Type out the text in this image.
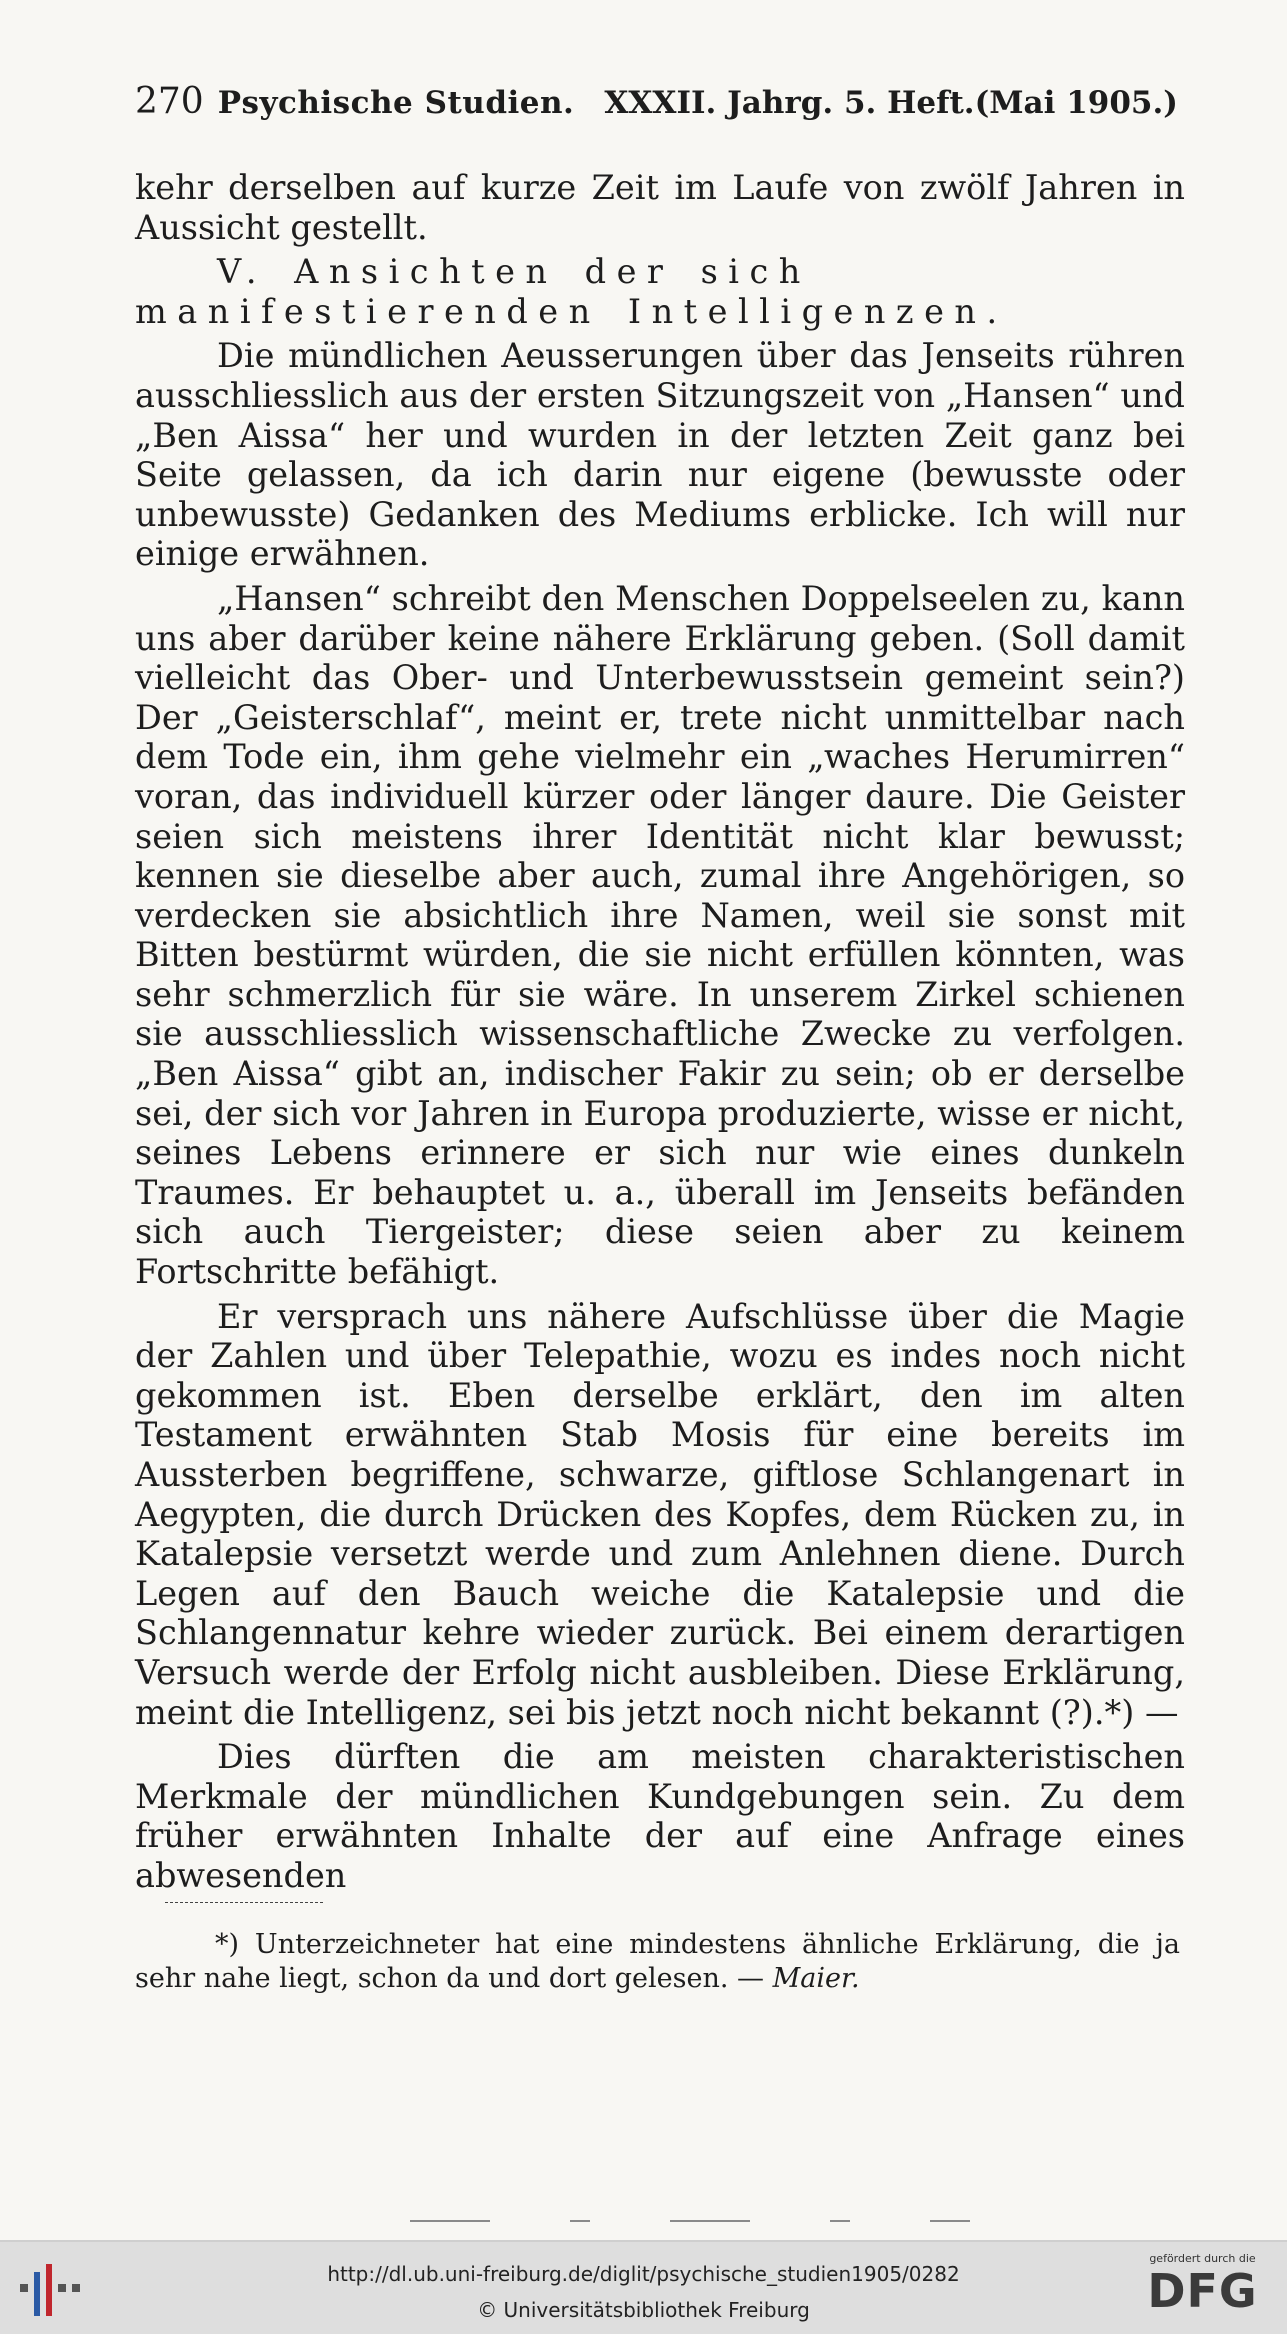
270 Psychische Studien. XXXII. Jahrg. 5. Heft. (Mai 1905.)

kehr derselben auf kurze Zeit im Laufe von zwölf Jahren in Aussicht gestellt.

V. Ansichten der sich manifestierenden Intelligenzen.

Die mündlichen Aeusserungen über das Jenseits rühren ausschliesslich aus der ersten Sitzungszeit von „Hansen“ und „Ben Aissa“ her und wurden in der letzten Zeit ganz bei Seite gelassen, da ich darin nur eigene (bewusste oder unbewusste) Gedanken des Mediums erblicke. Ich will nur einige erwähnen.

„Hansen“ schreibt den Menschen Doppelseelen zu, kann uns aber darüber keine nähere Erklärung geben. (Soll damit vielleicht das Ober- und Unterbewusstsein gemeint sein?) Der „Geisterschlaf“, meint er, trete nicht unmittelbar nach dem Tode ein, ihm gehe vielmehr ein „waches Herumirren“ voran, das individuell kürzer oder länger daure. Die Geister seien sich meistens ihrer Identität nicht klar bewusst; kennen sie dieselbe aber auch, zumal ihre Angehörigen, so verdecken sie absichtlich ihre Namen, weil sie sonst mit Bitten bestürmt würden, die sie nicht erfüllen könnten, was sehr schmerzlich für sie wäre. In unserem Zirkel schienen sie ausschliesslich wissenschaftliche Zwecke zu verfolgen. „Ben Aissa“ gibt an, indischer Fakir zu sein; ob er derselbe sei, der sich vor Jahren in Europa produzierte, wisse er nicht, seines Lebens erinnere er sich nur wie eines dunkeln Traumes. Er behauptet u. a., überall im Jenseits befänden sich auch Tiergeister; diese seien aber zu keinem Fortschritte befähigt.

Er versprach uns nähere Aufschlüsse über die Magie der Zahlen und über Telepathie, wozu es indes noch nicht gekommen ist. Eben derselbe erklärt, den im alten Testament erwähnten Stab Mosis für eine bereits im Aussterben begriffene, schwarze, giftlose Schlangenart in Aegypten, die durch Drücken des Kopfes, dem Rücken zu, in Katalepsie versetzt werde und zum Anlehnen diene. Durch Legen auf den Bauch weiche die Katalepsie und die Schlangennatur kehre wieder zurück. Bei einem derartigen Versuch werde der Erfolg nicht ausbleiben. Diese Erklärung, meint die Intelligenz, sei bis jetzt noch nicht bekannt (?).*) —

Dies dürften die am meisten charakteristischen Merkmale der mündlichen Kundgebungen sein. Zu dem früher erwähnten Inhalte der auf eine Anfrage eines abwesenden

*) Unterzeichneter hat eine mindestens ähnliche Erklärung, die ja sehr nahe liegt, schon da und dort gelesen. — Maier.

http://dl.ub.uni-freiburg.de/diglit/psychische_studien1905/0282
© Universitätsbibliothek Freiburg
gefördert durch die
DFG
